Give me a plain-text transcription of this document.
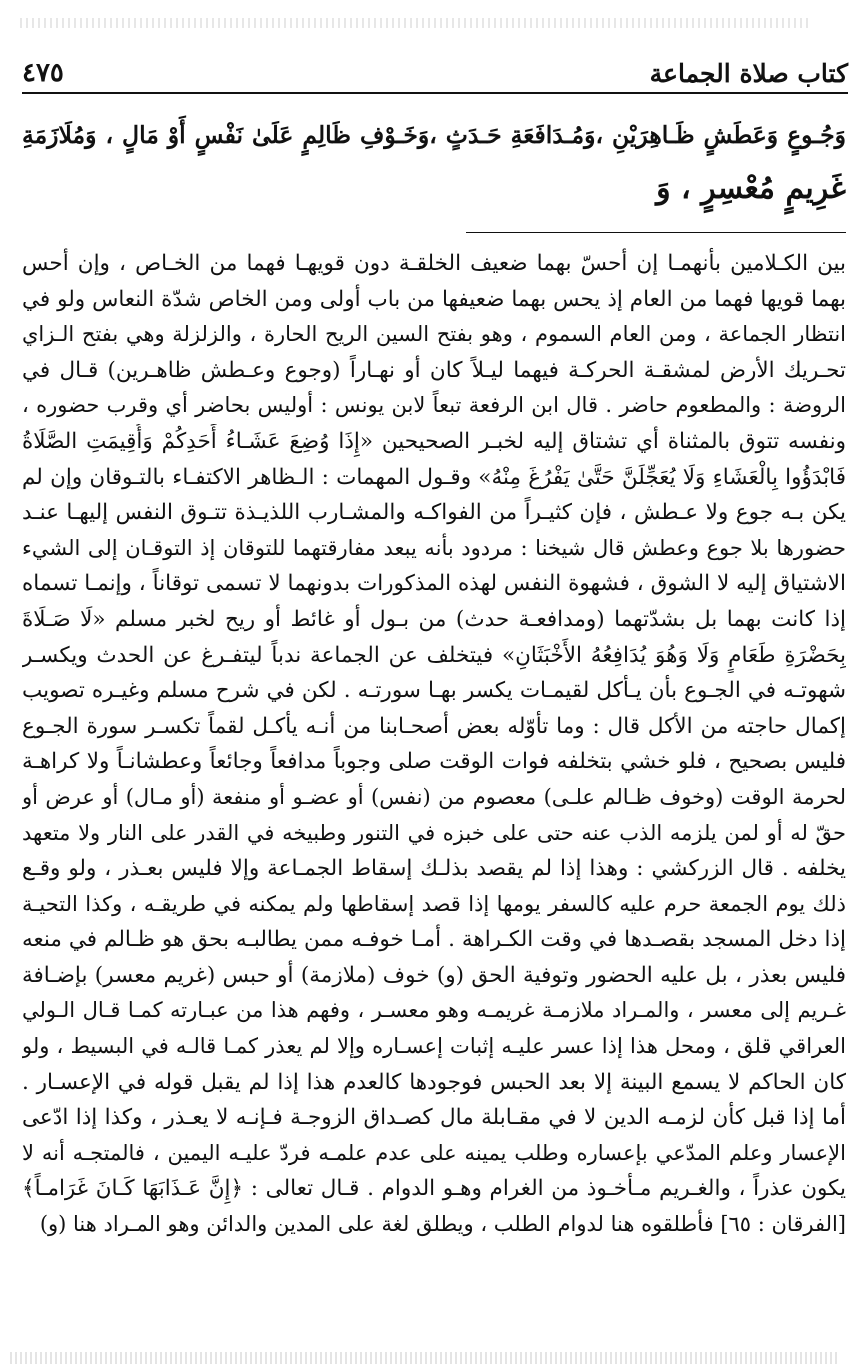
كتاب صلاة الجماعة
٤٧٥
وَجُـوعٍ وَعَطَشٍ ظَـاهِرَيْنِ ،وَمُـدَافَعَةِ حَـدَثٍ ،وَخَـوْفِ ظَالِمٍ عَلَىٰ نَفْسٍ أَوْ مَالٍ ، وَمُلَازَمَةِ
غَرِيمٍ مُعْسِرٍ ، وَ
بين الكـلامين بأنهمـا إن أحسّ بهما ضعيف الخلقـة دون قويهـا فهما من الخـاص ، وإن أحس
بهما قويها فهما من العام إذ يحس بهما ضعيفها من باب أولى ومن الخاص شدّة النعاس ولو في
انتظار الجماعة ، ومن العام السموم ، وهو بفتح السين الريح الحارة ، والزلزلة وهي بفتح الـزاي
تحـريك الأرض لمشقـة الحركـة فيهما ليـلاً كان أو نهـاراً (وجوع وعـطش ظاهـرين) قـال في
الروضة : والمطعوم حاضر . قال ابن الرفعة تبعاً لابن يونس : أوليس بحاضر أي وقرب حضوره ،
ونفسه تتوق بالمثناة أي تشتاق إليه لخبـر الصحيحين «إِذَا وُضِعَ عَشَـاءُ أَحَدِكُمْ وَأُقِيمَتِ الصَّلَاةُ
فَابْدَؤُوا بِالْعَشَاءِ وَلَا يُعَجِّلَنَّ حَتَّىٰ يَفْرُغَ مِنْهُ» وقـول المهمات : الـظاهر الاكتفـاء بالتـوقان وإن لم
يكن بـه جوع ولا عـطش ، فإن كثيـراً من الفواكـه والمشـارب اللذيـذة تتـوق النفس إليهـا عنـد
حضورها بلا جوع وعطش قال شيخنا : مردود بأنه يبعد مفارقتهما للتوقان إذ التوقـان إلى الشيء
الاشتياق إليه لا الشوق ، فشهوة النفس لهذه المذكورات بدونهما لا تسمى توقاناً ، وإنمـا تسماه
إذا كانت بهما بل بشدّتهما (ومدافعـة حدث) من بـول أو غائط أو ريح لخبر مسلم «لَا صَـلَاةَ
بِحَضْرَةِ طَعَامٍ وَلَا وَهُوَ يُدَافِعُهُ الأَخْبَثَانِ» فيتخلف عن الجماعة ندباً ليتفـرغ عن الحدث ويكسـر
شهوتـه في الجـوع بأن يـأكل لقيمـات يكسر بهـا سورتـه . لكن في شرح مسلم وغيـره تصويب
إكمال حاجته من الأكل قال : وما تأوّله بعض أصحـابنا من أنـه يأكـل لقماً تكسـر سورة الجـوع
فليس بصحيح ، فلو خشي بتخلفه فوات الوقت صلى وجوباً مدافعاً وجائعاً وعطشانـاً ولا كراهـة
لحرمة الوقت (وخوف ظـالم علـى) معصوم من (نفس) أو عضـو أو منفعة (أو مـال) أو عرض أو
حقّ له أو لمن يلزمه الذب عنه حتى على خبزه في التنور وطبيخه في القدر على النار ولا متعهد
يخلفه . قال الزركشي : وهذا إذا لم يقصد بذلـك إسقاط الجمـاعة وإلا فليس بعـذر ، ولو وقـع
ذلك يوم الجمعة حرم عليه كالسفر يومها إذا قصد إسقاطها ولم يمكنه في طريقـه ، وكذا التحيـة
إذا دخل المسجد بقصـدها في وقت الكـراهة . أمـا خوفـه ممن يطالبـه بحق هو ظـالم في منعه
فليس بعذر ، بل عليه الحضور وتوفية الحق (و) خوف (ملازمة) أو حبس (غريم معسر) بإضـافة
غـريم إلى معسر ، والمـراد ملازمـة غريمـه وهو معسـر ، وفهم هذا من عبـارته كمـا قـال الـولي
العراقي قلق ، ومحل هذا إذا عسر عليـه إثبات إعسـاره وإلا لم يعذر كمـا قالـه في البسيط ، ولو
كان الحاكم لا يسمع البينة إلا بعد الحبس فوجودها كالعدم هذا إذا لم يقبل قوله في الإعسـار .
أما إذا قبل كأن لزمـه الدين لا في مقـابلة مال كصـداق الزوجـة فـإنـه لا يعـذر ، وكذا إذا ادّعى
الإعسار وعلم المدّعي بإعساره وطلب يمينه على عدم علمـه فردّ عليـه اليمين ، فالمتجـه أنه لا
يكون عذراً ، والغـريم مـأخـوذ من الغرام وهـو الدوام . قـال تعالى : ﴿إِنَّ عَـذَابَهَا كَـانَ غَرَامـاً﴾
[الفرقان : ٦٥] فأطلقوه هنا لدوام الطلب ، ويطلق لغة على المدين والدائن وهو المـراد هنا (و)
